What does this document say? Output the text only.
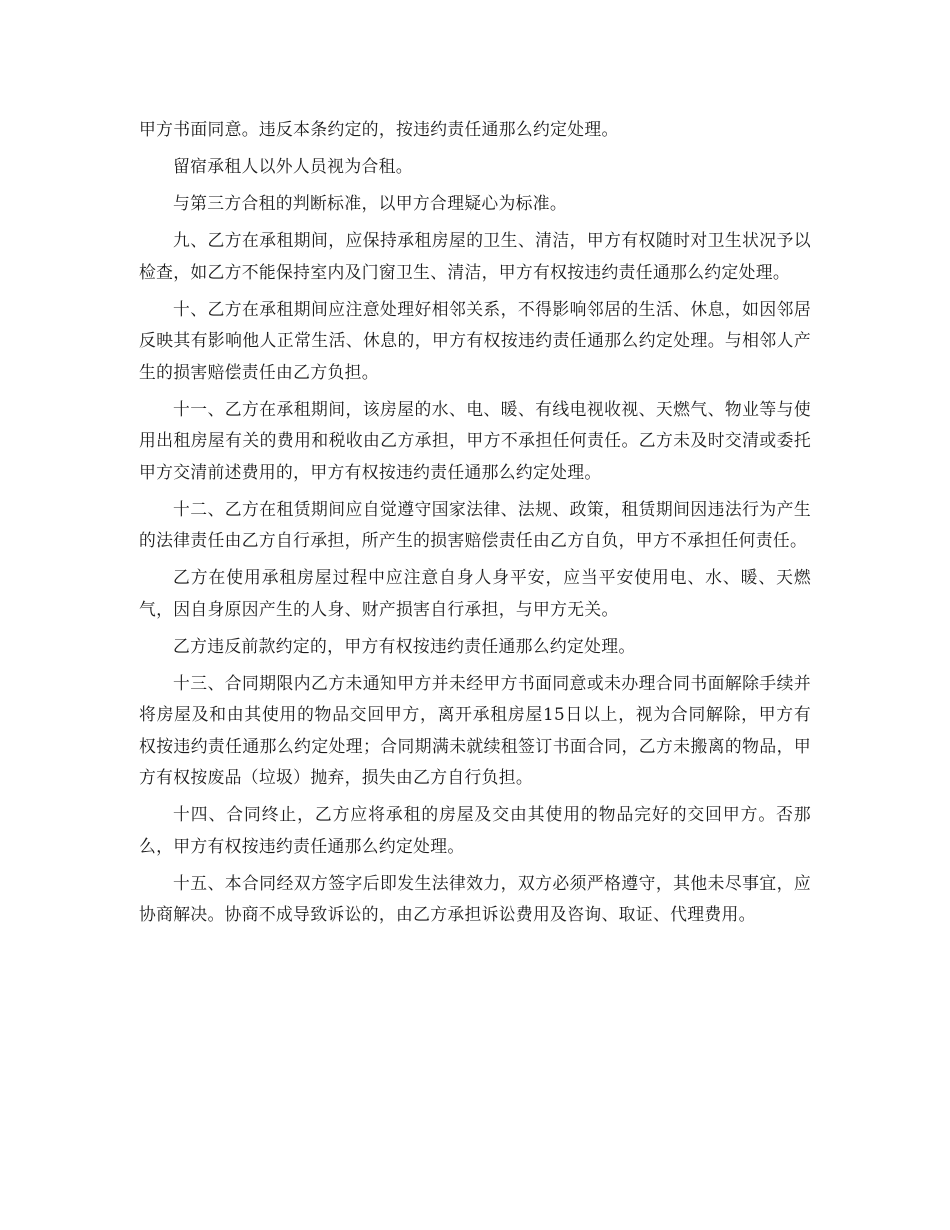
甲方书面同意。违反本条约定的，按违约责任通那么约定处理。

留宿承租人以外人员视为合租。

与第三方合租的判断标准，以甲方合理疑心为标准。

九、乙方在承租期间，应保持承租房屋的卫生、清洁，甲方有权随时对卫生状况予以检查，如乙方不能保持室内及门窗卫生、清洁，甲方有权按违约责任通那么约定处理。

十、乙方在承租期间应注意处理好相邻关系，不得影响邻居的生活、休息，如因邻居反映其有影响他人正常生活、休息的，甲方有权按违约责任通那么约定处理。与相邻人产生的损害赔偿责任由乙方负担。

十一、乙方在承租期间，该房屋的水、电、暖、有线电视收视、天燃气、物业等与使用出租房屋有关的费用和税收由乙方承担，甲方不承担任何责任。乙方未及时交清或委托甲方交清前述费用的，甲方有权按违约责任通那么约定处理。

十二、乙方在租赁期间应自觉遵守国家法律、法规、政策，租赁期间因违法行为产生的法律责任由乙方自行承担，所产生的损害赔偿责任由乙方自负，甲方不承担任何责任。

乙方在使用承租房屋过程中应注意自身人身平安，应当平安使用电、水、暖、天燃气，因自身原因产生的人身、财产损害自行承担，与甲方无关。

乙方违反前款约定的，甲方有权按违约责任通那么约定处理。

十三、合同期限内乙方未通知甲方并未经甲方书面同意或未办理合同书面解除手续并将房屋及和由其使用的物品交回甲方，离开承租房屋15日以上，视为合同解除，甲方有权按违约责任通那么约定处理；合同期满未就续租签订书面合同，乙方未搬离的物品，甲方有权按废品（垃圾）抛弃，损失由乙方自行负担。

十四、合同终止，乙方应将承租的房屋及交由其使用的物品完好的交回甲方。否那么，甲方有权按违约责任通那么约定处理。

十五、本合同经双方签字后即发生法律效力，双方必须严格遵守，其他未尽事宜，应协商解决。协商不成导致诉讼的，由乙方承担诉讼费用及咨询、取证、代理费用。
